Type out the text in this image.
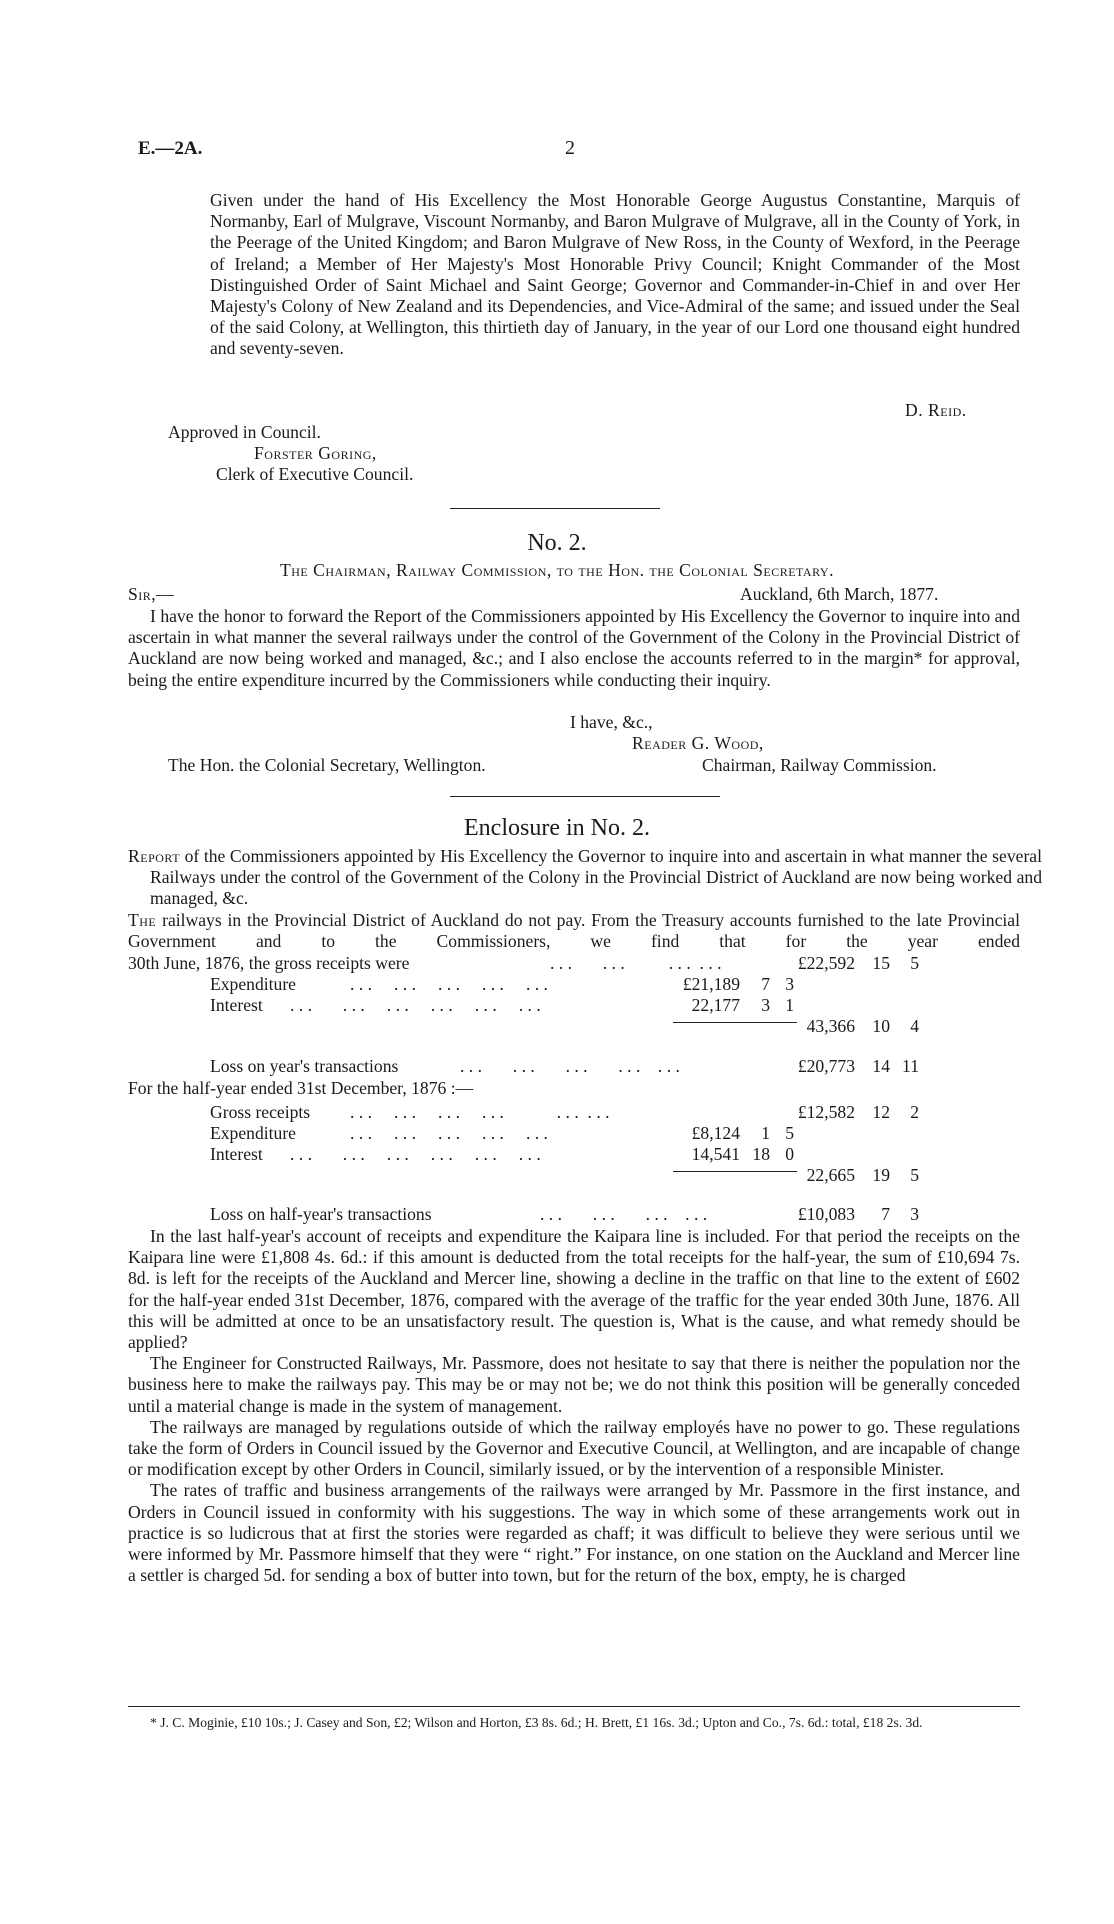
E.—2A.	2
Given under the hand of His Excellency the Most Honorable George Augustus Constantine, Marquis of Normanby, Earl of Mulgrave, Viscount Normanby, and Baron Mulgrave of Mulgrave, all in the County of York, in the Peerage of the United Kingdom; and Baron Mulgrave of New Ross, in the County of Wexford, in the Peerage of Ireland; a Member of Her Majesty's Most Honorable Privy Council; Knight Commander of the Most Distinguished Order of Saint Michael and Saint George; Governor and Commander-in-Chief in and over Her Majesty's Colony of New Zealand and its Dependencies, and Vice-Admiral of the same; and issued under the Seal of the said Colony, at Wellington, this thirtieth day of January, in the year of our Lord one thousand eight hundred and seventy-seven.
D. Reid.
Approved in Council.
Forster Goring,
Clerk of Executive Council.
No. 2.
The Chairman, Railway Commission, to the Hon. the Colonial Secretary.
Sir,—	Auckland, 6th March, 1877.
I have the honor to forward the Report of the Commissioners appointed by His Excellency the Governor to inquire into and ascertain in what manner the several railways under the control of the Government of the Colony in the Provincial District of Auckland are now being worked and managed, &c.; and I also enclose the accounts referred to in the margin* for approval, being the entire expenditure incurred by the Commissioners while conducting their inquiry.
I have, &c.,
Reader G. Wood,
The Hon. the Colonial Secretary, Wellington.	Chairman, Railway Commission.
Enclosure in No. 2.
Report of the Commissioners appointed by His Excellency the Governor to inquire into and ascertain in what manner the several Railways under the control of the Government of the Colony in the Provincial District of Auckland are now being worked and managed, &c.
The railways in the Provincial District of Auckland do not pay. From the Treasury accounts furnished to the late Provincial Government and to the Commissioners, we find that for the year ended
30th June, 1876, the gross receipts were	. . .       . . .          . . .  . . .	£22,592 15	5
Expenditure	. . .     . . .     . . .     . . .     . . .	£21,189	7 3
Interest . . .       . . .     . . .     . . .     . . .     . . .	22,177	3 1
43,366 10	4
Loss on year's transactions	. . .       . . .       . . .       . . .    . . .	£20,773 14 11
For the half-year ended 31st December, 1876 :—
Gross receipts . . .     . . .     . . .     . . .            . . .  . . .	£12,582 12	2
Expenditure	. . .     . . .     . . .     . . .     . . .	£8,124	1 5
Interest . . .       . . .     . . .     . . .     . . .     . . .	14,541 18 0
22,665 19	5
Loss on half-year's transactions	. . .       . . .       . . .    . . .	£10,083	7	3

In the last half-year's account of receipts and expenditure the Kaipara line is included. For that period the receipts on the Kaipara line were £1,808 4s. 6d.: if this amount is deducted from the total receipts for the half-year, the sum of £10,694 7s. 8d. is left for the receipts of the Auckland and Mercer line, showing a decline in the traffic on that line to the extent of £602 for the half-year ended 31st December, 1876, compared with the average of the traffic for the year ended 30th June, 1876. All this will be admitted at once to be an unsatisfactory result. The question is, What is the cause, and what remedy should be applied?

The Engineer for Constructed Railways, Mr. Passmore, does not hesitate to say that there is neither the population nor the business here to make the railways pay. This may be or may not be; we do not think this position will be generally conceded until a material change is made in the system of management.

The railways are managed by regulations outside of which the railway employés have no power to go. These regulations take the form of Orders in Council issued by the Governor and Executive Council, at Wellington, and are incapable of change or modification except by other Orders in Council, similarly issued, or by the intervention of a responsible Minister.

The rates of traffic and business arrangements of the railways were arranged by Mr. Passmore in the first instance, and Orders in Council issued in conformity with his suggestions. The way in which some of these arrangements work out in practice is so ludicrous that at first the stories were regarded as chaff; it was difficult to believe they were serious until we were informed by Mr. Passmore himself that they were “ right.” For instance, on one station on the Auckland and Mercer line a settler is charged 5d. for sending a box of butter into town, but for the return of the box, empty, he is charged

* J. C. Moginie, £10 10s.; J. Casey and Son, £2; Wilson and Horton, £3 8s. 6d.; H. Brett, £1 16s. 3d.; Upton and Co., 7s. 6d.: total, £18 2s. 3d.
